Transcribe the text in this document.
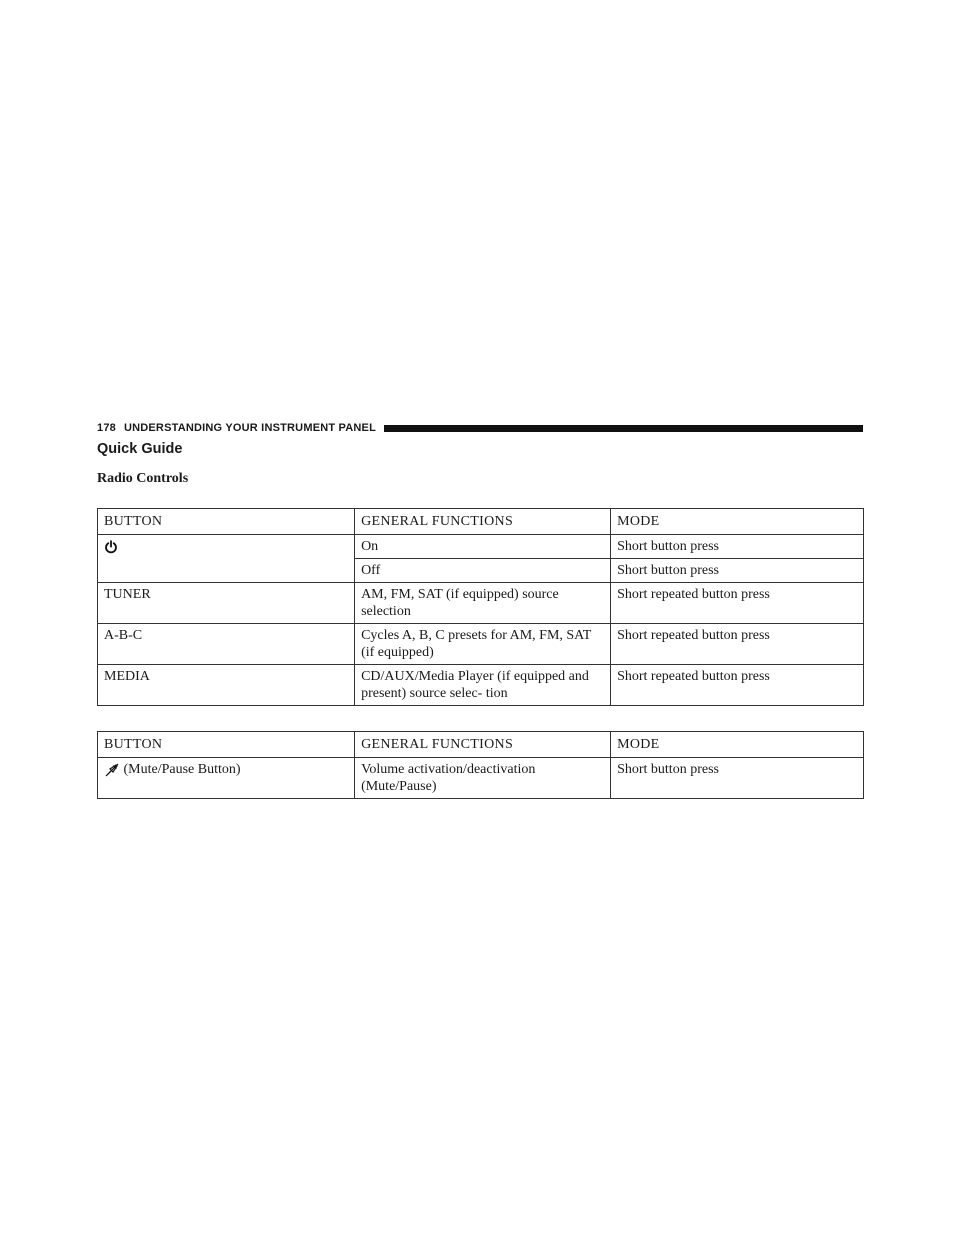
178 UNDERSTANDING YOUR INSTRUMENT PANEL
Quick Guide
Radio Controls
BUTTON	GENERAL FUNCTIONS	MODE

	On	Short button press
	Off	Short button press
TUNER	AM, FM, SAT (if equipped) source selection	Short repeated button press
A-B-C	Cycles A, B, C presets for AM, FM, SAT (if equipped)	Short repeated button press
MEDIA	CD/AUX/Media Player (if equipped and present) source selec- tion	Short repeated button press
BUTTON	GENERAL FUNCTIONS	MODE

(Mute/Pause Button)	Volume activation/deactivation (Mute/Pause)	Short button press
